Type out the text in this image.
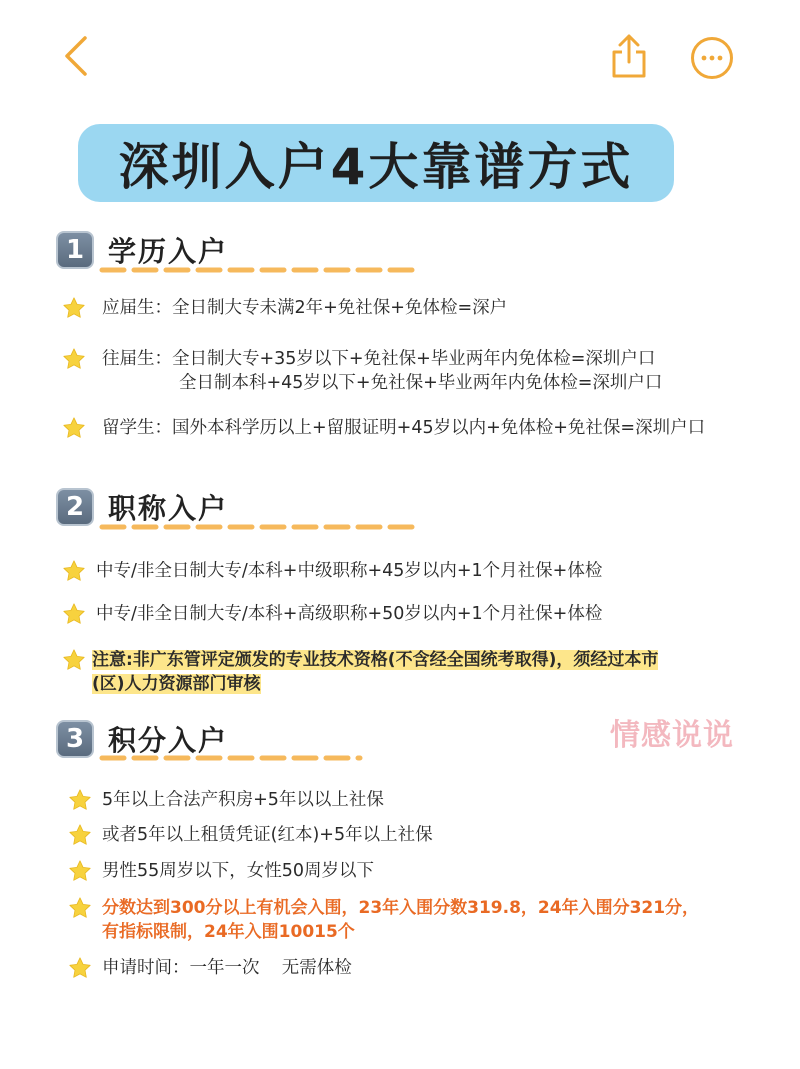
深圳入户4大靠谱方式
1 学历入户
应届生：全日制大专未满2年+免社保+免体检=深户
往届生：全日制大专+35岁以下+免社保+毕业两年内免体检=深圳户口
全日制本科+45岁以下+免社保+毕业两年内免体检=深圳户口
留学生：国外本科学历以上+留服证明+45岁以内+免体检+免社保=深圳户口
2 职称入户
中专/非全日制大专/本科+中级职称+45岁以内+1个月社保+体检
中专/非全日制大专/本科+高级职称+50岁以内+1个月社保+体检
注意:非广东管评定颁发的专业技术资格(不含经全国统考取得)，须经过本市
(区)人力资源部门审核
情感说说
3 积分入户
5年以上合法产积房+5年以以上社保
或者5年以上租赁凭证(红本)+5年以上社保
男性55周岁以下，女性50周岁以下
分数达到300分以上有机会入围，23年入围分数319.8，24年入围分321分，
有指标限制，24年入围10015个
申请时间：一年一次    无需体检
